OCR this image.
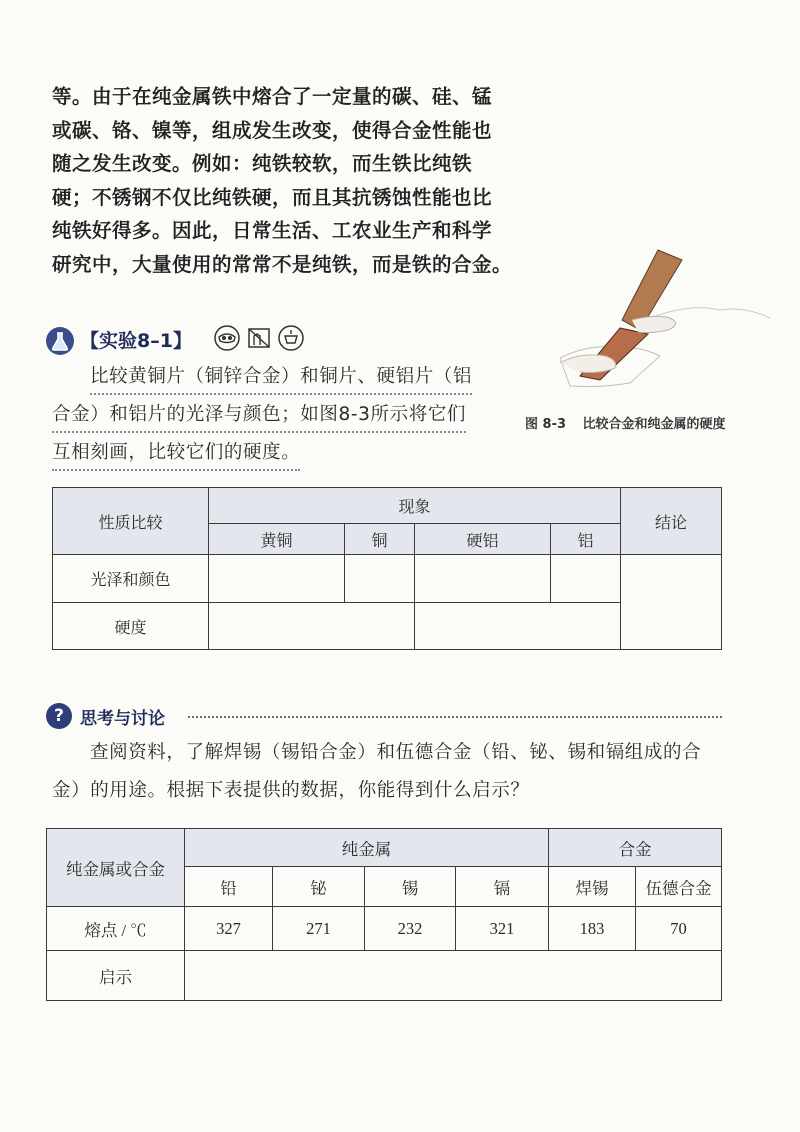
等。由于在纯金属铁中熔合了一定量的碳、硅、锰
或碳、铬、镍等，组成发生改变，使得合金性能也
随之发生改变。例如：纯铁较软，而生铁比纯铁
硬；不锈钢不仅比纯铁硬，而且其抗锈蚀性能也比
纯铁好得多。因此，日常生活、工农业生产和科学
研究中，大量使用的常常不是纯铁，而是铁的合金。
【实验8–1】
比较黄铜片（铜锌合金）和铜片、硬铝片（铝
合金）和铝片的光泽与颜色；如图8-3所示将它们
互相刻画，比较它们的硬度。
图 8-3 比较合金和纯金属的硬度
性质比较	现象				结论
	黄铜	铜	硬铝	铝	
光泽和颜色					
硬度					
? 思考与讨论
查阅资料，了解焊锡（锡铅合金）和伍德合金（铅、铋、锡和镉组成的合
金）的用途。根据下表提供的数据，你能得到什么启示？
纯金属或合金	纯金属				合金	
	铅	铋	锡	镉	焊锡	伍德合金
熔点 / ℃	327	271	232	321	183	70
启示						
